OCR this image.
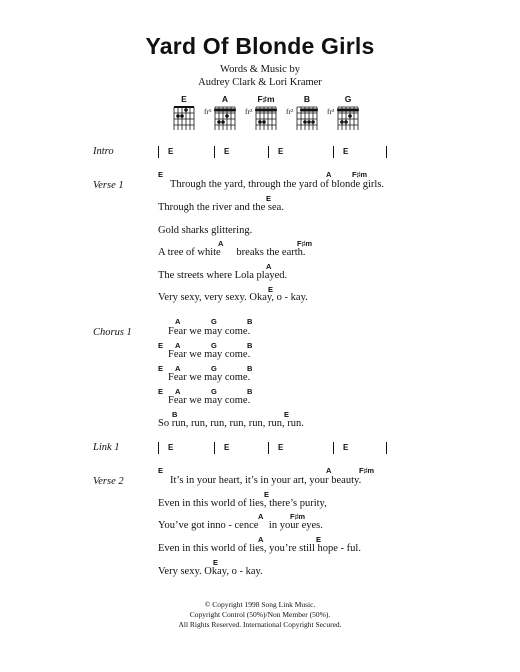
Yard Of Blonde Girls
Words & Music by
Audrey Clark & Lori Kramer
E	A
fr⁵
F♯m
fr²
B
fr²
G
fr³
Intro	E	E	E	E
Verse 1
E	A	F♯m
Through the yard, through the yard of blonde girls.
E
Through the river and the sea.
Gold sharks glittering.
A	F♯m
A tree of white      breaks the earth.
A
The streets where Lola played.
E
Very sexy, very sexy. Okay, o - kay.
Chorus 1
A	G	B
Fear we may come.
E A	G	B
Fear we may come.
E A	G	B
Fear we may come.
E A	G	B
Fear we may come.
B	E
So run, run, run, run, run, run, run.
Link 1	E	E	E	E
Verse 2
E	A	F♯m
It’s in your heart, it’s in your art, your beauty.
E
Even in this world of lies, there’s purity,
A	F♯m
You’ve got inno - cence    in your eyes.
A	E
Even in this world of lies, you’re still hope - ful.
E
Very sexy. Okay, o - kay.
© Copyright 1998 Song Link Music.
Copyright Control (50%)/Non Member (50%).
All Rights Reserved. International Copyright Secured.
